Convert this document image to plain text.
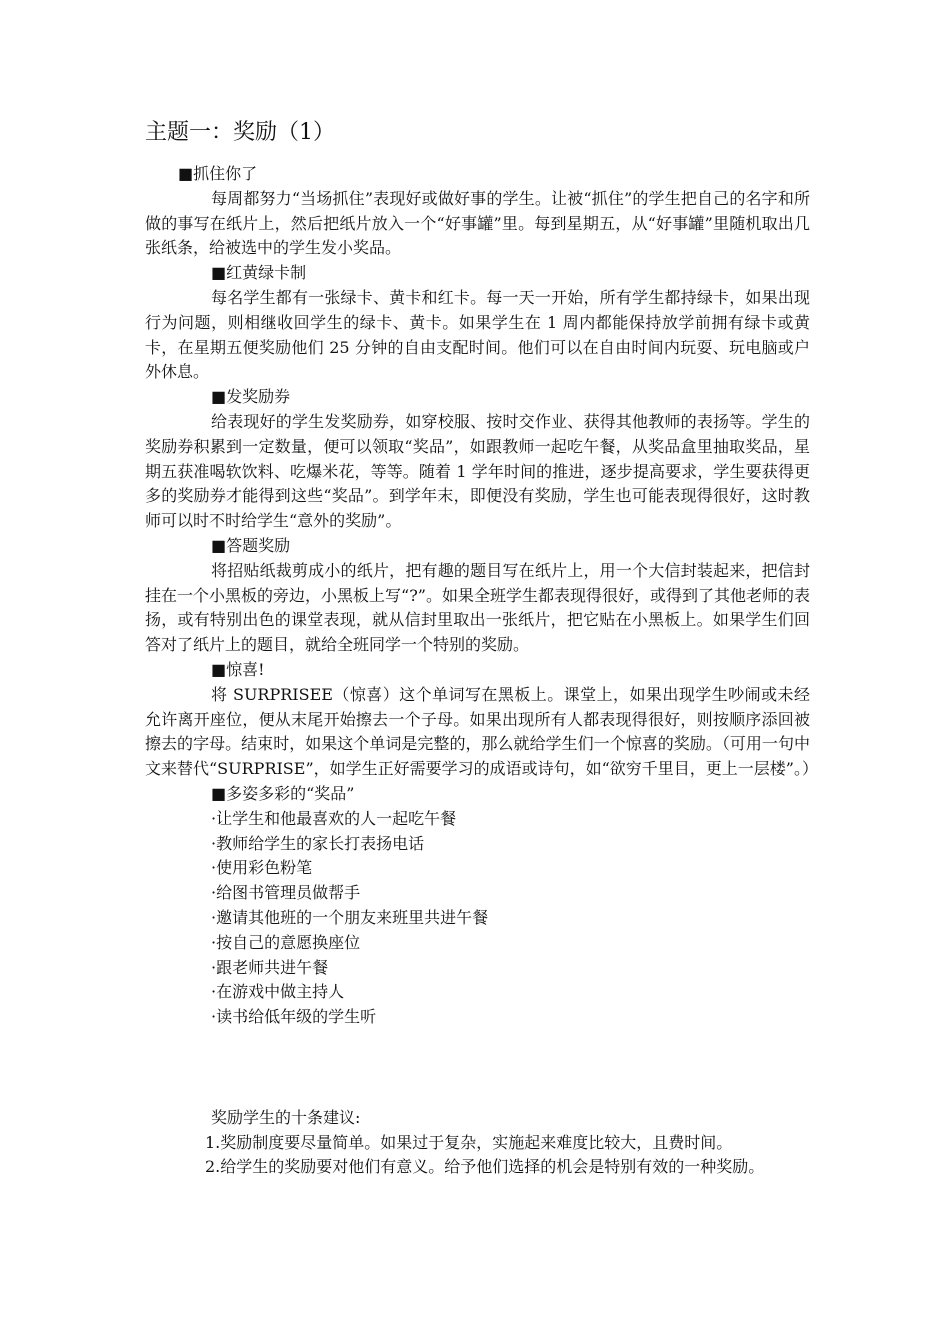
主题一：奖励（1）

■抓住你了

每周都努力“当场抓住”表现好或做好事的学生。让被“抓住”的学生把自己的名字和所做的事写在纸片上，然后把纸片放入一个“好事罐”里。每到星期五，从“好事罐”里随机取出几张纸条，给被选中的学生发小奖品。

■红黄绿卡制

每名学生都有一张绿卡、黄卡和红卡。每一天一开始，所有学生都持绿卡，如果出现行为问题，则相继收回学生的绿卡、黄卡。如果学生在 1 周内都能保持放学前拥有绿卡或黄卡，在星期五便奖励他们 25 分钟的自由支配时间。他们可以在自由时间内玩耍、玩电脑或户外休息。

■发奖励券

给表现好的学生发奖励券，如穿校服、按时交作业、获得其他教师的表扬等。学生的奖励券积累到一定数量，便可以领取“奖品”，如跟教师一起吃午餐，从奖品盒里抽取奖品，星期五获准喝软饮料、吃爆米花，等等。随着 1 学年时间的推进，逐步提高要求，学生要获得更多的奖励券才能得到这些“奖品”。到学年末，即便没有奖励，学生也可能表现得很好，这时教师可以时不时给学生“意外的奖励”。

■答题奖励

将招贴纸裁剪成小的纸片，把有趣的题目写在纸片上，用一个大信封装起来，把信封挂在一个小黑板的旁边，小黑板上写“?”。如果全班学生都表现得很好，或得到了其他老师的表扬，或有特别出色的课堂表现，就从信封里取出一张纸片，把它贴在小黑板上。如果学生们回答对了纸片上的题目，就给全班同学一个特别的奖励。

■惊喜!

将 SURPRISEE（惊喜）这个单词写在黑板上。课堂上，如果出现学生吵闹或未经允许离开座位，便从末尾开始擦去一个子母。如果出现所有人都表现得很好，则按顺序添回被擦去的字母。结束时，如果这个单词是完整的，那么就给学生们一个惊喜的奖励。（可用一句中文来替代“SURPRISE”，如学生正好需要学习的成语或诗句，如“欲穷千里目，更上一层楼”。）

■多姿多彩的“奖品”

·让学生和他最喜欢的人一起吃午餐
·教师给学生的家长打表扬电话
·使用彩色粉笔
·给图书管理员做帮手
·邀请其他班的一个朋友来班里共进午餐
·按自己的意愿换座位
·跟老师共进午餐
·在游戏中做主持人
·读书给低年级的学生听

奖励学生的十条建议:

1.奖励制度要尽量简单。如果过于复杂，实施起来难度比较大，且费时间。

2.给学生的奖励要对他们有意义。给予他们选择的机会是特别有效的一种奖励。
